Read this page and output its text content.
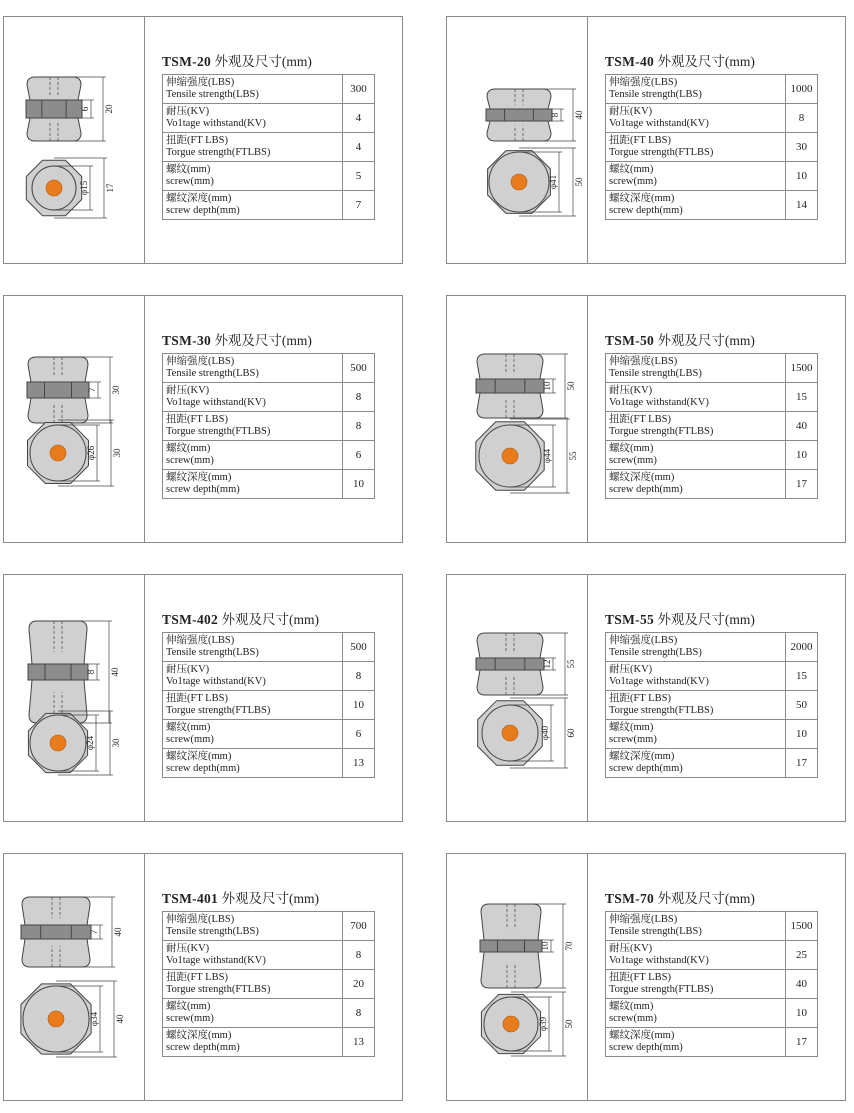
20
6
φ15 17
TSM-20 外观及尺寸(mm)
伸缩强度(LBS)
Tensile strength(LBS)	300

耐压(KV)
Vo1tage withstand(KV)	4

扭距(FT LBS)
Torgue strength(FTLBS)	4

螺纹(mm)
screw(mm)	5

螺纹深度(mm)
screw depth(mm)	7
40
8
φ41 50
TSM-40 外观及尺寸(mm)
伸缩强度(LBS)
Tensile strength(LBS)	1000

耐压(KV)
Vo1tage withstand(KV)	8

扭距(FT LBS)
Torgue strength(FTLBS)	30

螺纹(mm)
screw(mm)	10

螺纹深度(mm)
screw depth(mm)	14
30
7
φ26 30
TSM-30 外观及尺寸(mm)
伸缩强度(LBS)
Tensile strength(LBS)	500

耐压(KV)
Vo1tage withstand(KV)	8

扭距(FT LBS)
Torgue strength(FTLBS)	8

螺纹(mm)
screw(mm)	6

螺纹深度(mm)
screw depth(mm)	10
50
10
φ44 55
TSM-50 外观及尺寸(mm)
伸缩强度(LBS)
Tensile strength(LBS)	1500

耐压(KV)
Vo1tage withstand(KV)	15

扭距(FT LBS)
Torgue strength(FTLBS)	40

螺纹(mm)
screw(mm)	10

螺纹深度(mm)
screw depth(mm)	17
40
8
φ24 30
TSM-402 外观及尺寸(mm)
伸缩强度(LBS)
Tensile strength(LBS)	500

耐压(KV)
Vo1tage withstand(KV)	8

扭距(FT LBS)
Torgue strength(FTLBS)	10

螺纹(mm)
screw(mm)	6

螺纹深度(mm)
screw depth(mm)	13
55
12
φ40 60
TSM-55 外观及尺寸(mm)
伸缩强度(LBS)
Tensile strength(LBS)	2000

耐压(KV)
Vo1tage withstand(KV)	15

扭距(FT LBS)
Torgue strength(FTLBS)	50

螺纹(mm)
screw(mm)	10

螺纹深度(mm)
screw depth(mm)	17
40
7
φ34 40
TSM-401 外观及尺寸(mm)
伸缩强度(LBS)
Tensile strength(LBS)	700

耐压(KV)
Vo1tage withstand(KV)	8

扭距(FT LBS)
Torgue strength(FTLBS)	20

螺纹(mm)
screw(mm)	8

螺纹深度(mm)
screw depth(mm)	13
70
10
φ39 50
TSM-70 外观及尺寸(mm)
伸缩强度(LBS)
Tensile strength(LBS)	1500

耐压(KV)
Vo1tage withstand(KV)	25

扭距(FT LBS)
Torgue strength(FTLBS)	40

螺纹(mm)
screw(mm)	10

螺纹深度(mm)
screw depth(mm)	17
